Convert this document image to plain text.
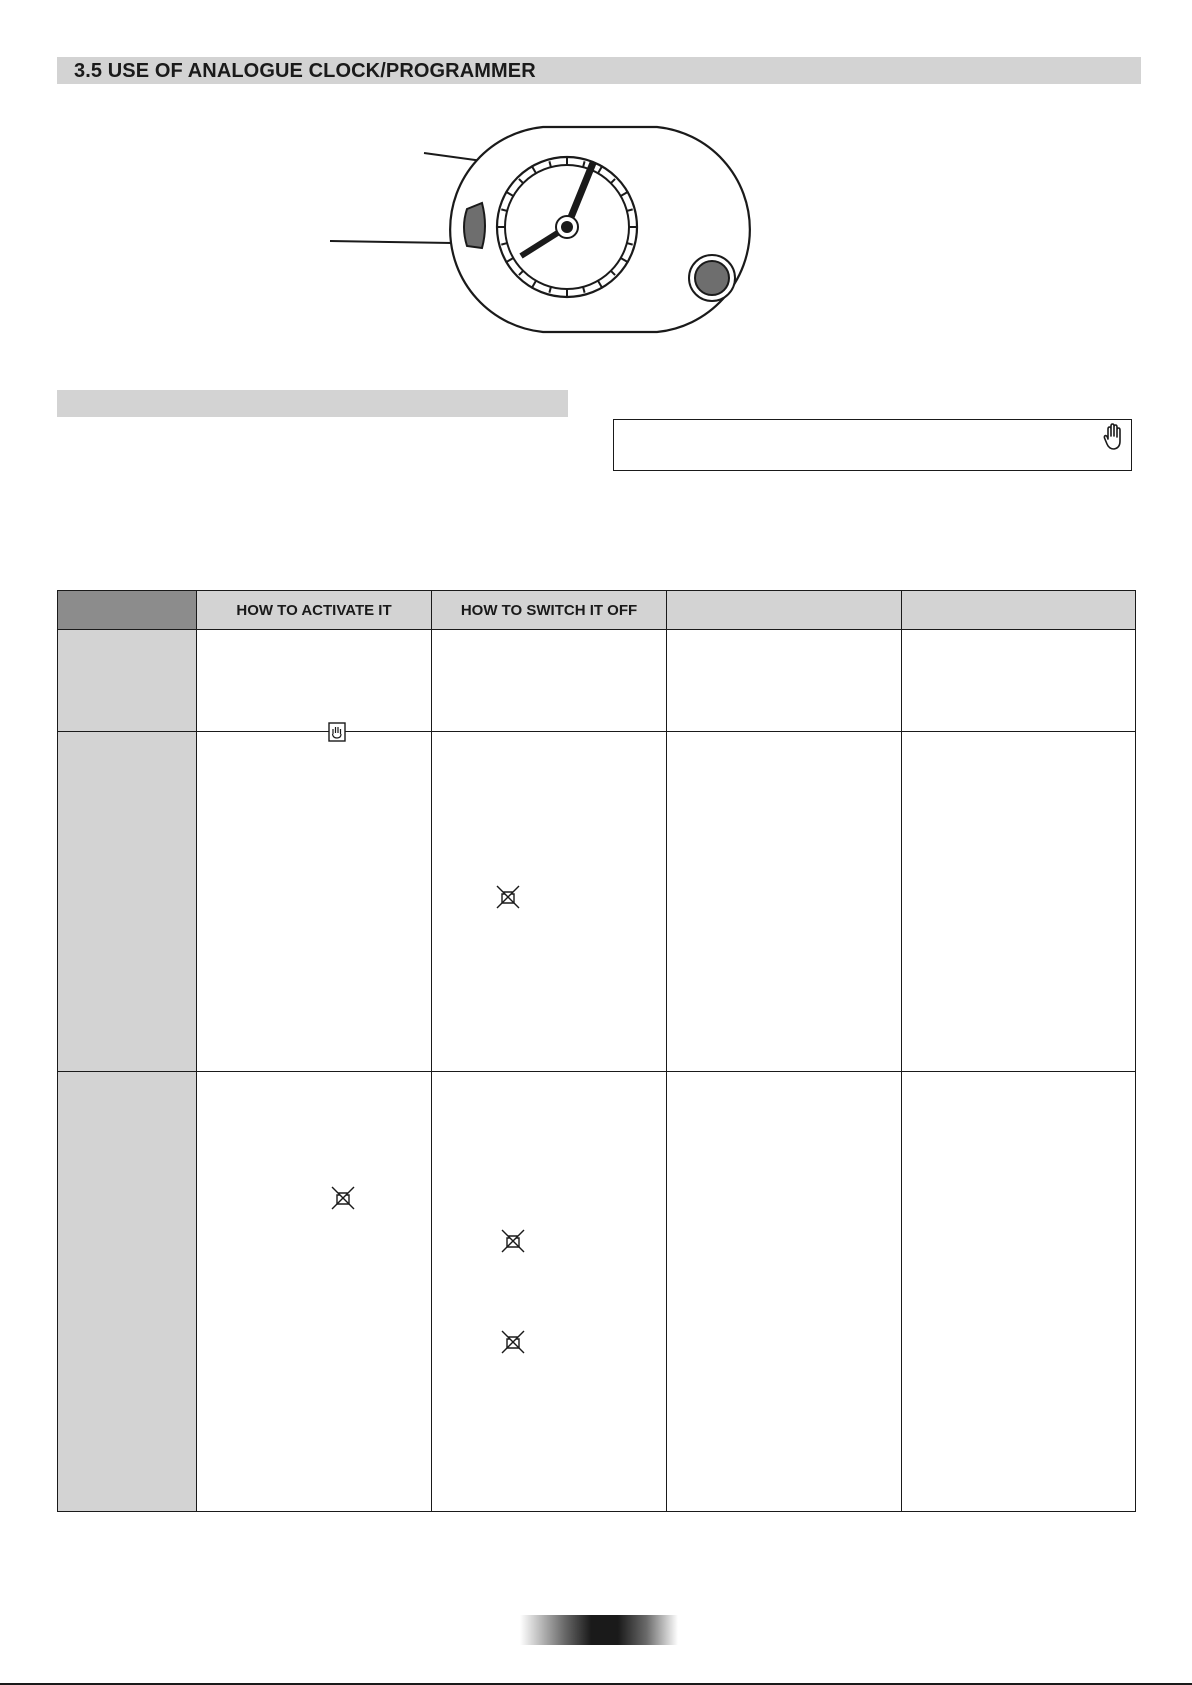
3.5 USE OF ANALOGUE CLOCK/PROGRAMMER
	HOW TO ACTIVATE IT	HOW TO SWITCH IT OFF		
